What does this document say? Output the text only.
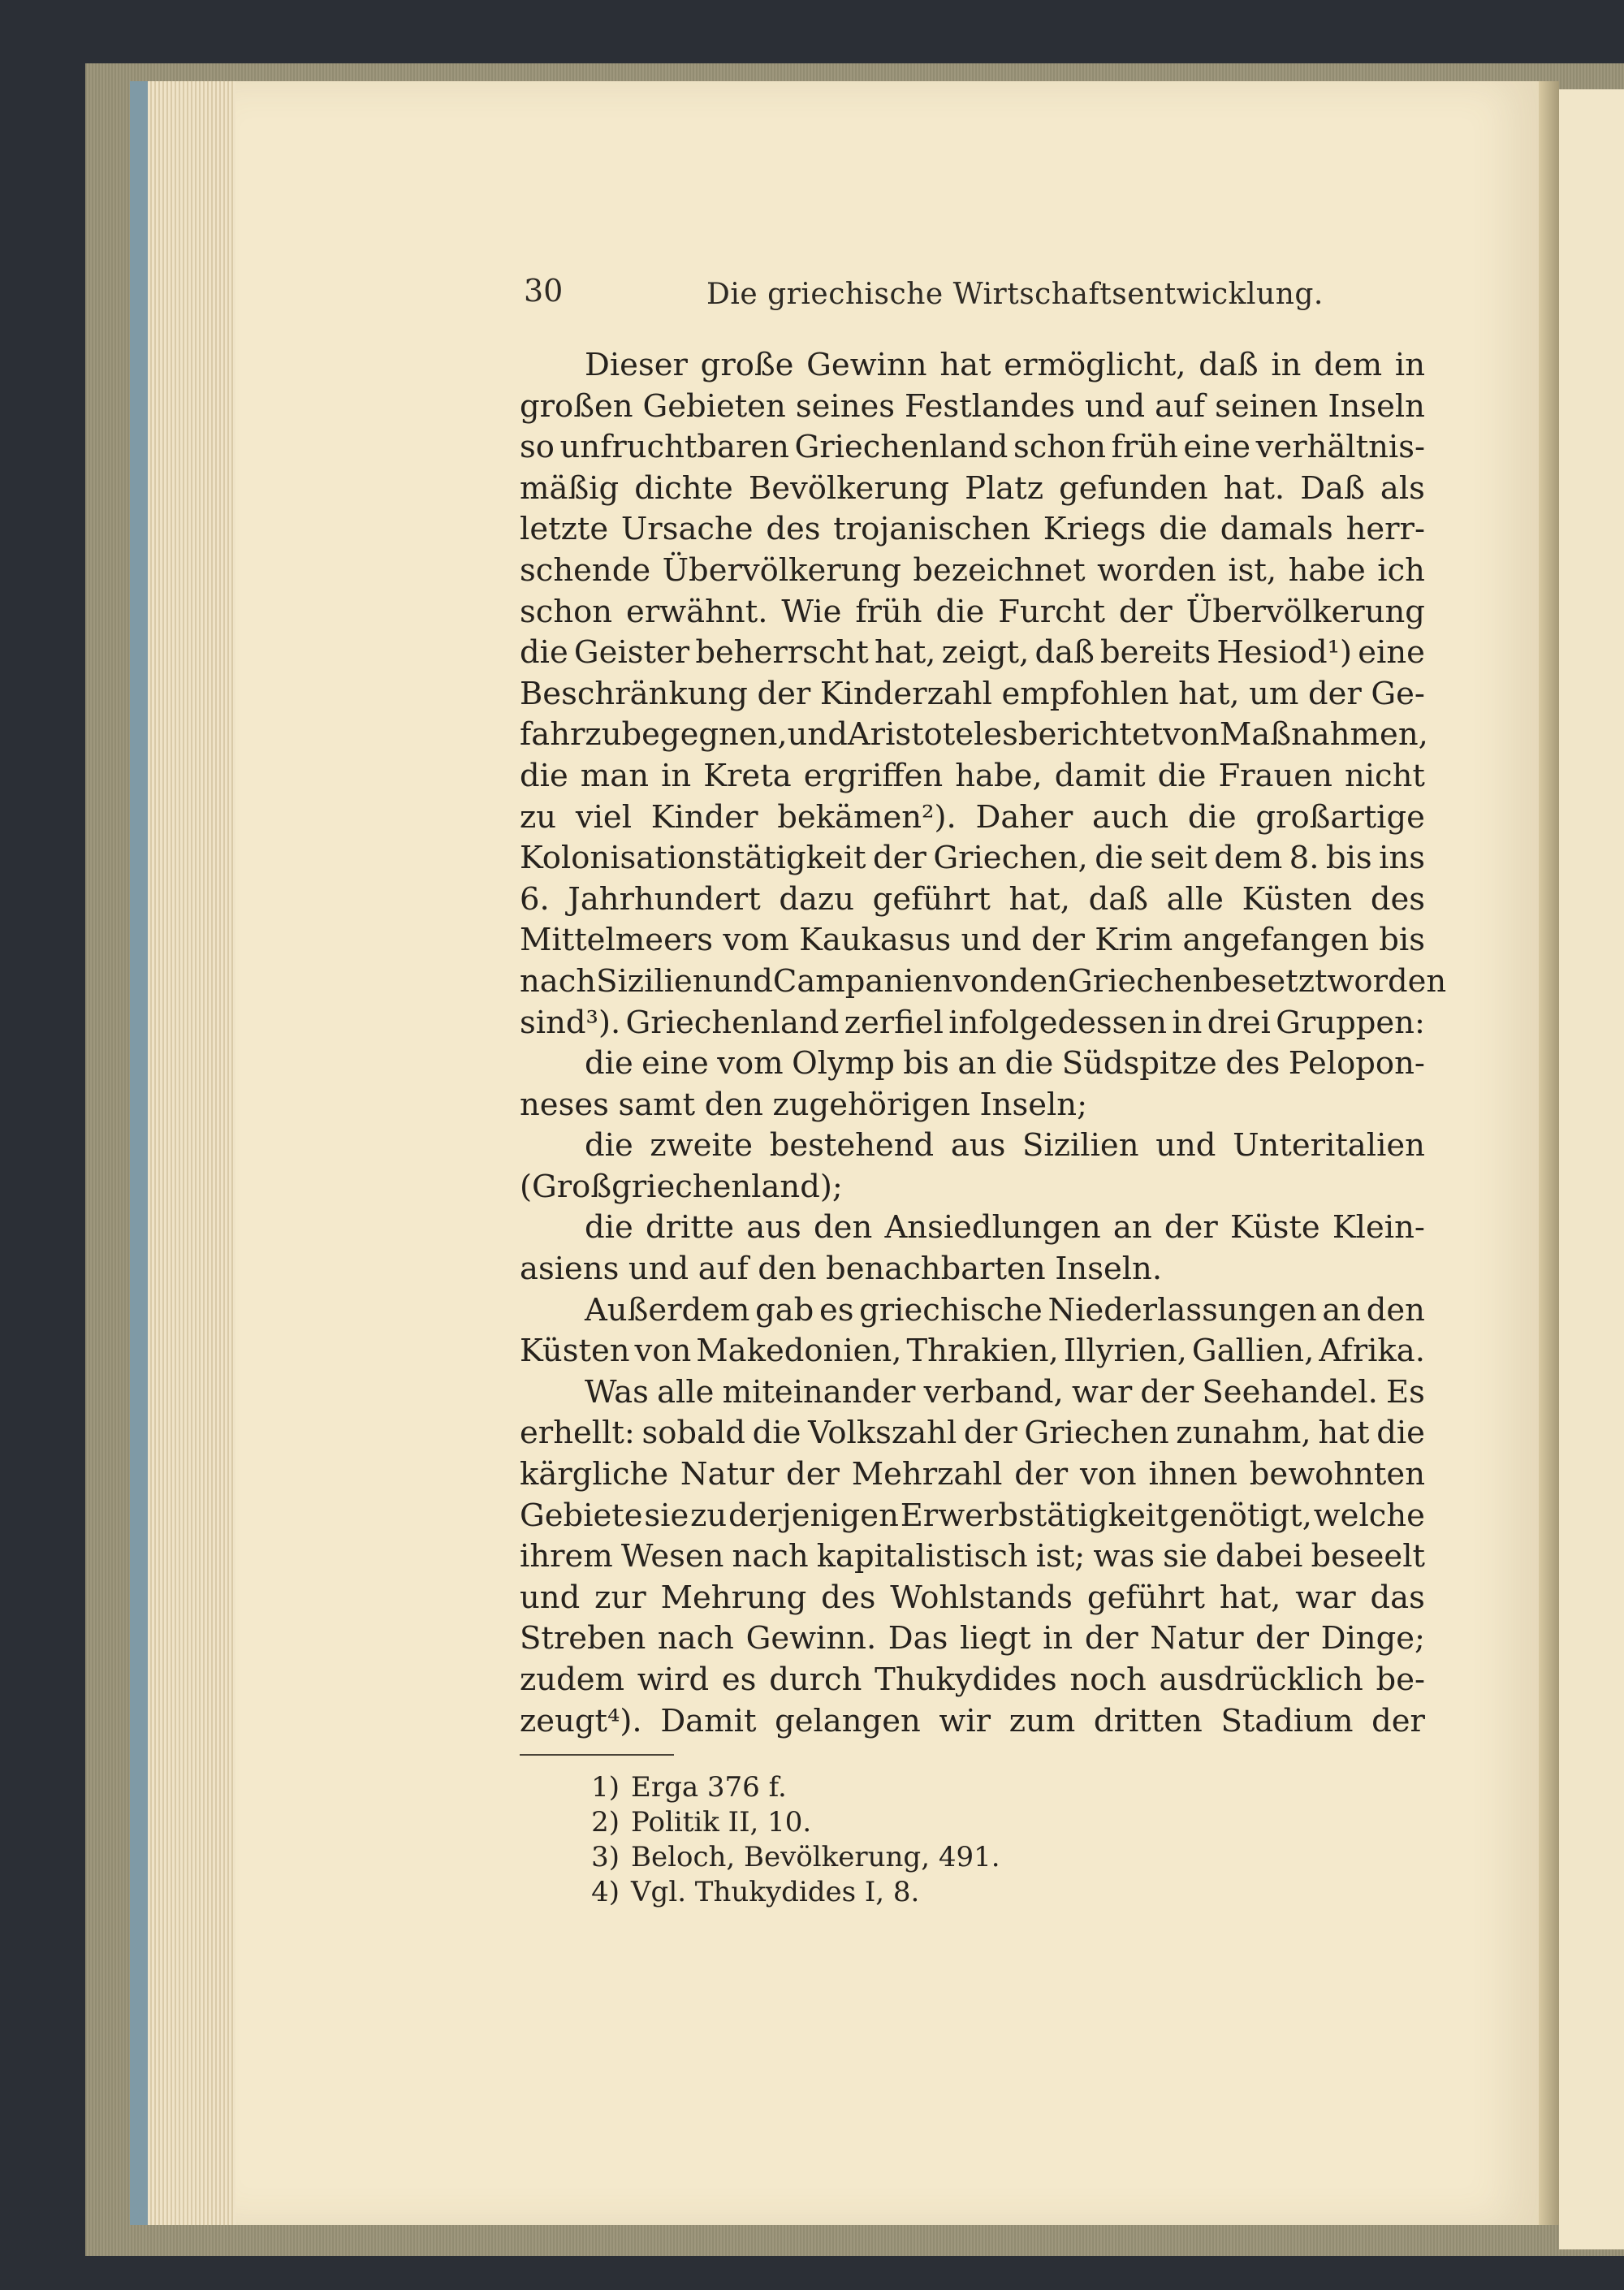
30	Die griechische Wirtschaftsentwicklung.
Dieser große Gewinn hat ermöglicht, daß in dem in
großen Gebieten seines Festlandes und auf seinen Inseln
so unfruchtbaren Griechenland schon früh eine verhältnis-
mäßig dichte Bevölkerung Platz gefunden hat. Daß als
letzte Ursache des trojanischen Kriegs die damals herr-
schende Übervölkerung bezeichnet worden ist, habe ich
schon erwähnt. Wie früh die Furcht der Übervölkerung
die Geister beherrscht hat, zeigt, daß bereits Hesiod¹) eine
Beschränkung der Kinderzahl empfohlen hat, um der Ge-
fahr zu begegnen, und Aristoteles berichtet von Maßnahmen,
die man in Kreta ergriffen habe, damit die Frauen nicht
zu viel Kinder bekämen²). Daher auch die großartige
Kolonisationstätigkeit der Griechen, die seit dem 8. bis ins
6. Jahrhundert dazu geführt hat, daß alle Küsten des
Mittelmeers vom Kaukasus und der Krim angefangen bis
nach Sizilien und Campanien von den Griechen besetzt worden
sind³). Griechenland zerfiel infolgedessen in drei Gruppen:
die eine vom Olymp bis an die Südspitze des Pelopon-
neses samt den zugehörigen Inseln;
die zweite bestehend aus Sizilien und Unteritalien
(Großgriechenland);
die dritte aus den Ansiedlungen an der Küste Klein-
asiens und auf den benachbarten Inseln.
Außerdem gab es griechische Niederlassungen an den
Küsten von Makedonien, Thrakien, Illyrien, Gallien, Afrika.
Was alle miteinander verband, war der Seehandel. Es
erhellt: sobald die Volkszahl der Griechen zunahm, hat die
kärgliche Natur der Mehrzahl der von ihnen bewohnten
Gebiete sie zu derjenigen Erwerbstätigkeit genötigt, welche
ihrem Wesen nach kapitalistisch ist; was sie dabei beseelt
und zur Mehrung des Wohlstands geführt hat, war das
Streben nach Gewinn. Das liegt in der Natur der Dinge;
zudem wird es durch Thukydides noch ausdrücklich be-
zeugt⁴). Damit gelangen wir zum dritten Stadium der
1) Erga 376 f.
2) Politik II, 10.
3) Beloch, Bevölkerung, 491.
4) Vgl. Thukydides I, 8.
